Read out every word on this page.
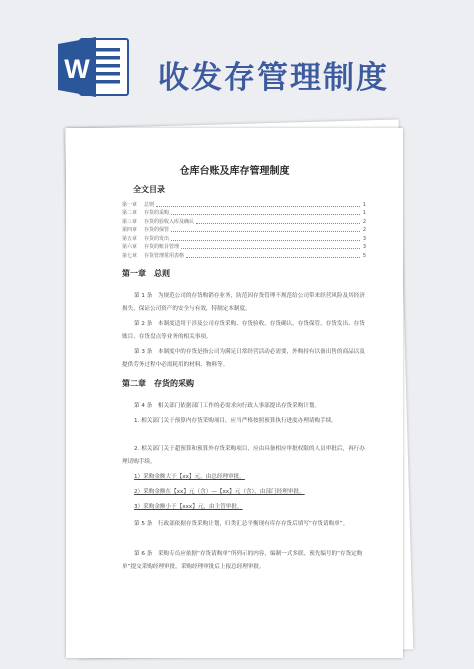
W 收发存管理制度
仓库台账及库存管理制度
全文目录
第一章	总则	1
第二章	存货的采购	1
第三章	存货的验收入库及确认	2
第四章	存货的保管	2
第五章	存货的发出	3
第六章	存货的账目管理	3
第七章	存货管理常用表格	5
第一章　总则
第 1 条　为规范公司的存货购销存业务，防范因存货管理不规范给公司带来经营风险及其经济损失，保证公司资产的安全与有效，特制定本制度。
第 2 条　本制度适用于涉及公司存货采购、存货验收、存货确认、存货保管、存货发出、存货账目、存货盘点等业务的相关事项。
第 3 条　本制度中的存货是指公司为满足日常经营活动必需要，外购持有以备出售的商品以及提供劳务过程中必需耗用的材料、物料等。
第二章　存货的采购
第 4 条　相关部门依据部门工作的必需求向行政人事部提出存货采购计划。
1. 相关部门关于预算内存货采购项目，应当严格按照预算执行进度办理请购手续。
2. 相关部门关于超预算和预算外存货采购项目，应由具备相应审批权限的人员审批后，再行办理请购手续。
1）采购金额大于【xx】元，由总经理审批。
2）采购金额在【xx】元（含）—【xx】元（含），由部门经理审批。
3）采购金额小于【xxx】元，由主管审批。
第 5 条　行政部依据存货采购计划，归类汇总平衡现有库存存货后填写“存货请购单”。
第 6 条　采购专员应依据“存货请购单”所列示的内容，编制一式多联、预先编号的“存货定购单”提交采购经理审批。采购经理审批后上报总经理审批。
